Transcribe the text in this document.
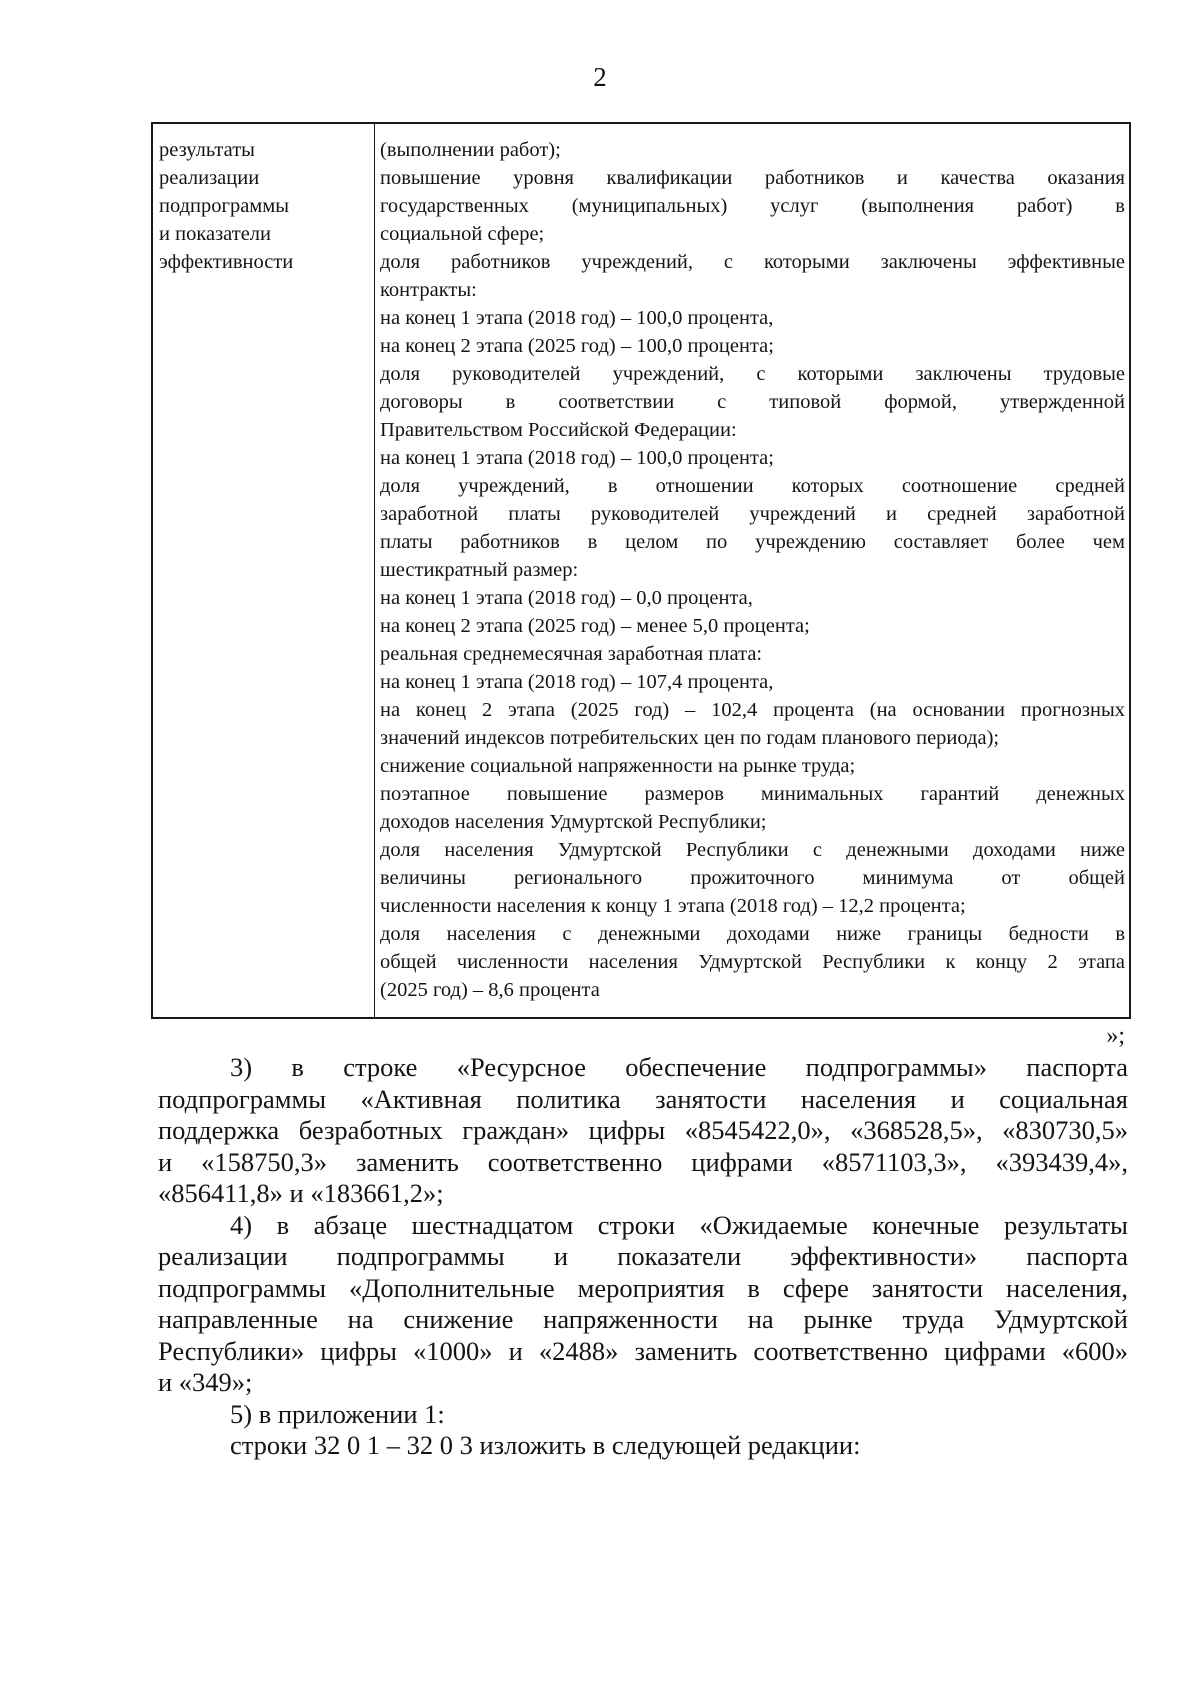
2
результаты
реализации
подпрограммы
и показатели
эффективности
(выполнении работ);
повышение уровня квалификации работников и качества оказания
государственных (муниципальных) услуг (выполнения работ) в
социальной сфере;
доля работников учреждений, с которыми заключены эффективные
контракты:
на конец 1 этапа (2018 год) – 100,0 процента,
на конец 2 этапа (2025 год) – 100,0 процента;
доля руководителей учреждений, с которыми заключены трудовые
договоры в соответствии с типовой формой, утвержденной
Правительством Российской Федерации:
на конец 1 этапа (2018 год) – 100,0 процента;
доля учреждений, в отношении которых соотношение средней
заработной платы руководителей учреждений и средней заработной
платы работников в целом по учреждению составляет более чем
шестикратный размер:
на конец 1 этапа (2018 год) – 0,0 процента,
на конец 2 этапа (2025 год) – менее 5,0 процента;
реальная среднемесячная заработная плата:
на конец 1 этапа (2018 год) – 107,4 процента,
на конец 2 этапа (2025 год) – 102,4 процента (на основании прогнозных
значений индексов потребительских цен по годам планового периода);
снижение социальной напряженности на рынке труда;
поэтапное повышение размеров минимальных гарантий денежных
доходов населения Удмуртской Республики;
доля населения Удмуртской Республики с денежными доходами ниже
величины регионального прожиточного минимума от общей
численности населения к концу 1 этапа (2018 год) – 12,2 процента;
доля населения с денежными доходами ниже границы бедности в
общей численности населения Удмуртской Республики к концу 2 этапа
(2025 год) – 8,6 процента
»;
3) в строке «Ресурсное обеспечение подпрограммы» паспорта
подпрограммы «Активная политика занятости населения и социальная
поддержка безработных граждан» цифры «8545422,0», «368528,5», «830730,5»
и «158750,3» заменить соответственно цифрами «8571103,3», «393439,4»,
«856411,8» и «183661,2»;
4) в абзаце шестнадцатом строки «Ожидаемые конечные результаты
реализации подпрограммы и показатели эффективности» паспорта
подпрограммы «Дополнительные мероприятия в сфере занятости населения,
направленные на снижение напряженности на рынке труда Удмуртской
Республики» цифры «1000» и «2488» заменить соответственно цифрами «600»
и «349»;
5) в приложении 1:
строки 32 0 1 – 32 0 3 изложить в следующей редакции:
